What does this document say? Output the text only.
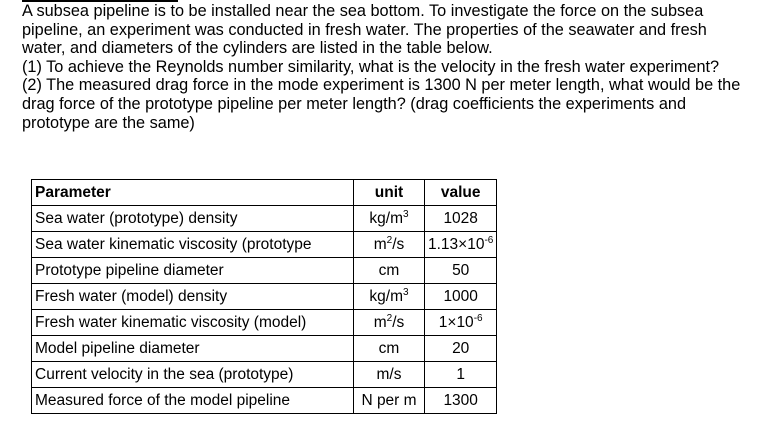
A subsea pipeline is to be installed near the sea bottom. To investigate the force on the subsea pipeline, an experiment was conducted in fresh water. The properties of the seawater and fresh water, and diameters of the cylinders are listed in the table below.

(1) To achieve the Reynolds number similarity, what is the velocity in the fresh water experiment?

(2) The measured drag force in the mode experiment is 1300 N per meter length, what would be the drag force of the prototype pipeline per meter length? (drag coefficients the experiments and prototype are the same)

Parameter	unit	value
Sea water (prototype) density	$kg/m^3$	1028
Sea water kinematic viscosity (prototype	$m^2/s$	$1.13\times 10^{-6}$
Prototype pipeline diameter	cm	50
Fresh water (model) density	$kg/m^3$	1000
Fresh water kinematic viscosity (model)	$m^2/s$	$1\times 10^{-6}$
Model pipeline diameter	cm	20
Current velocity in the sea (prototype)	m/s	1
Measured force of the model pipeline	N per m	1300
